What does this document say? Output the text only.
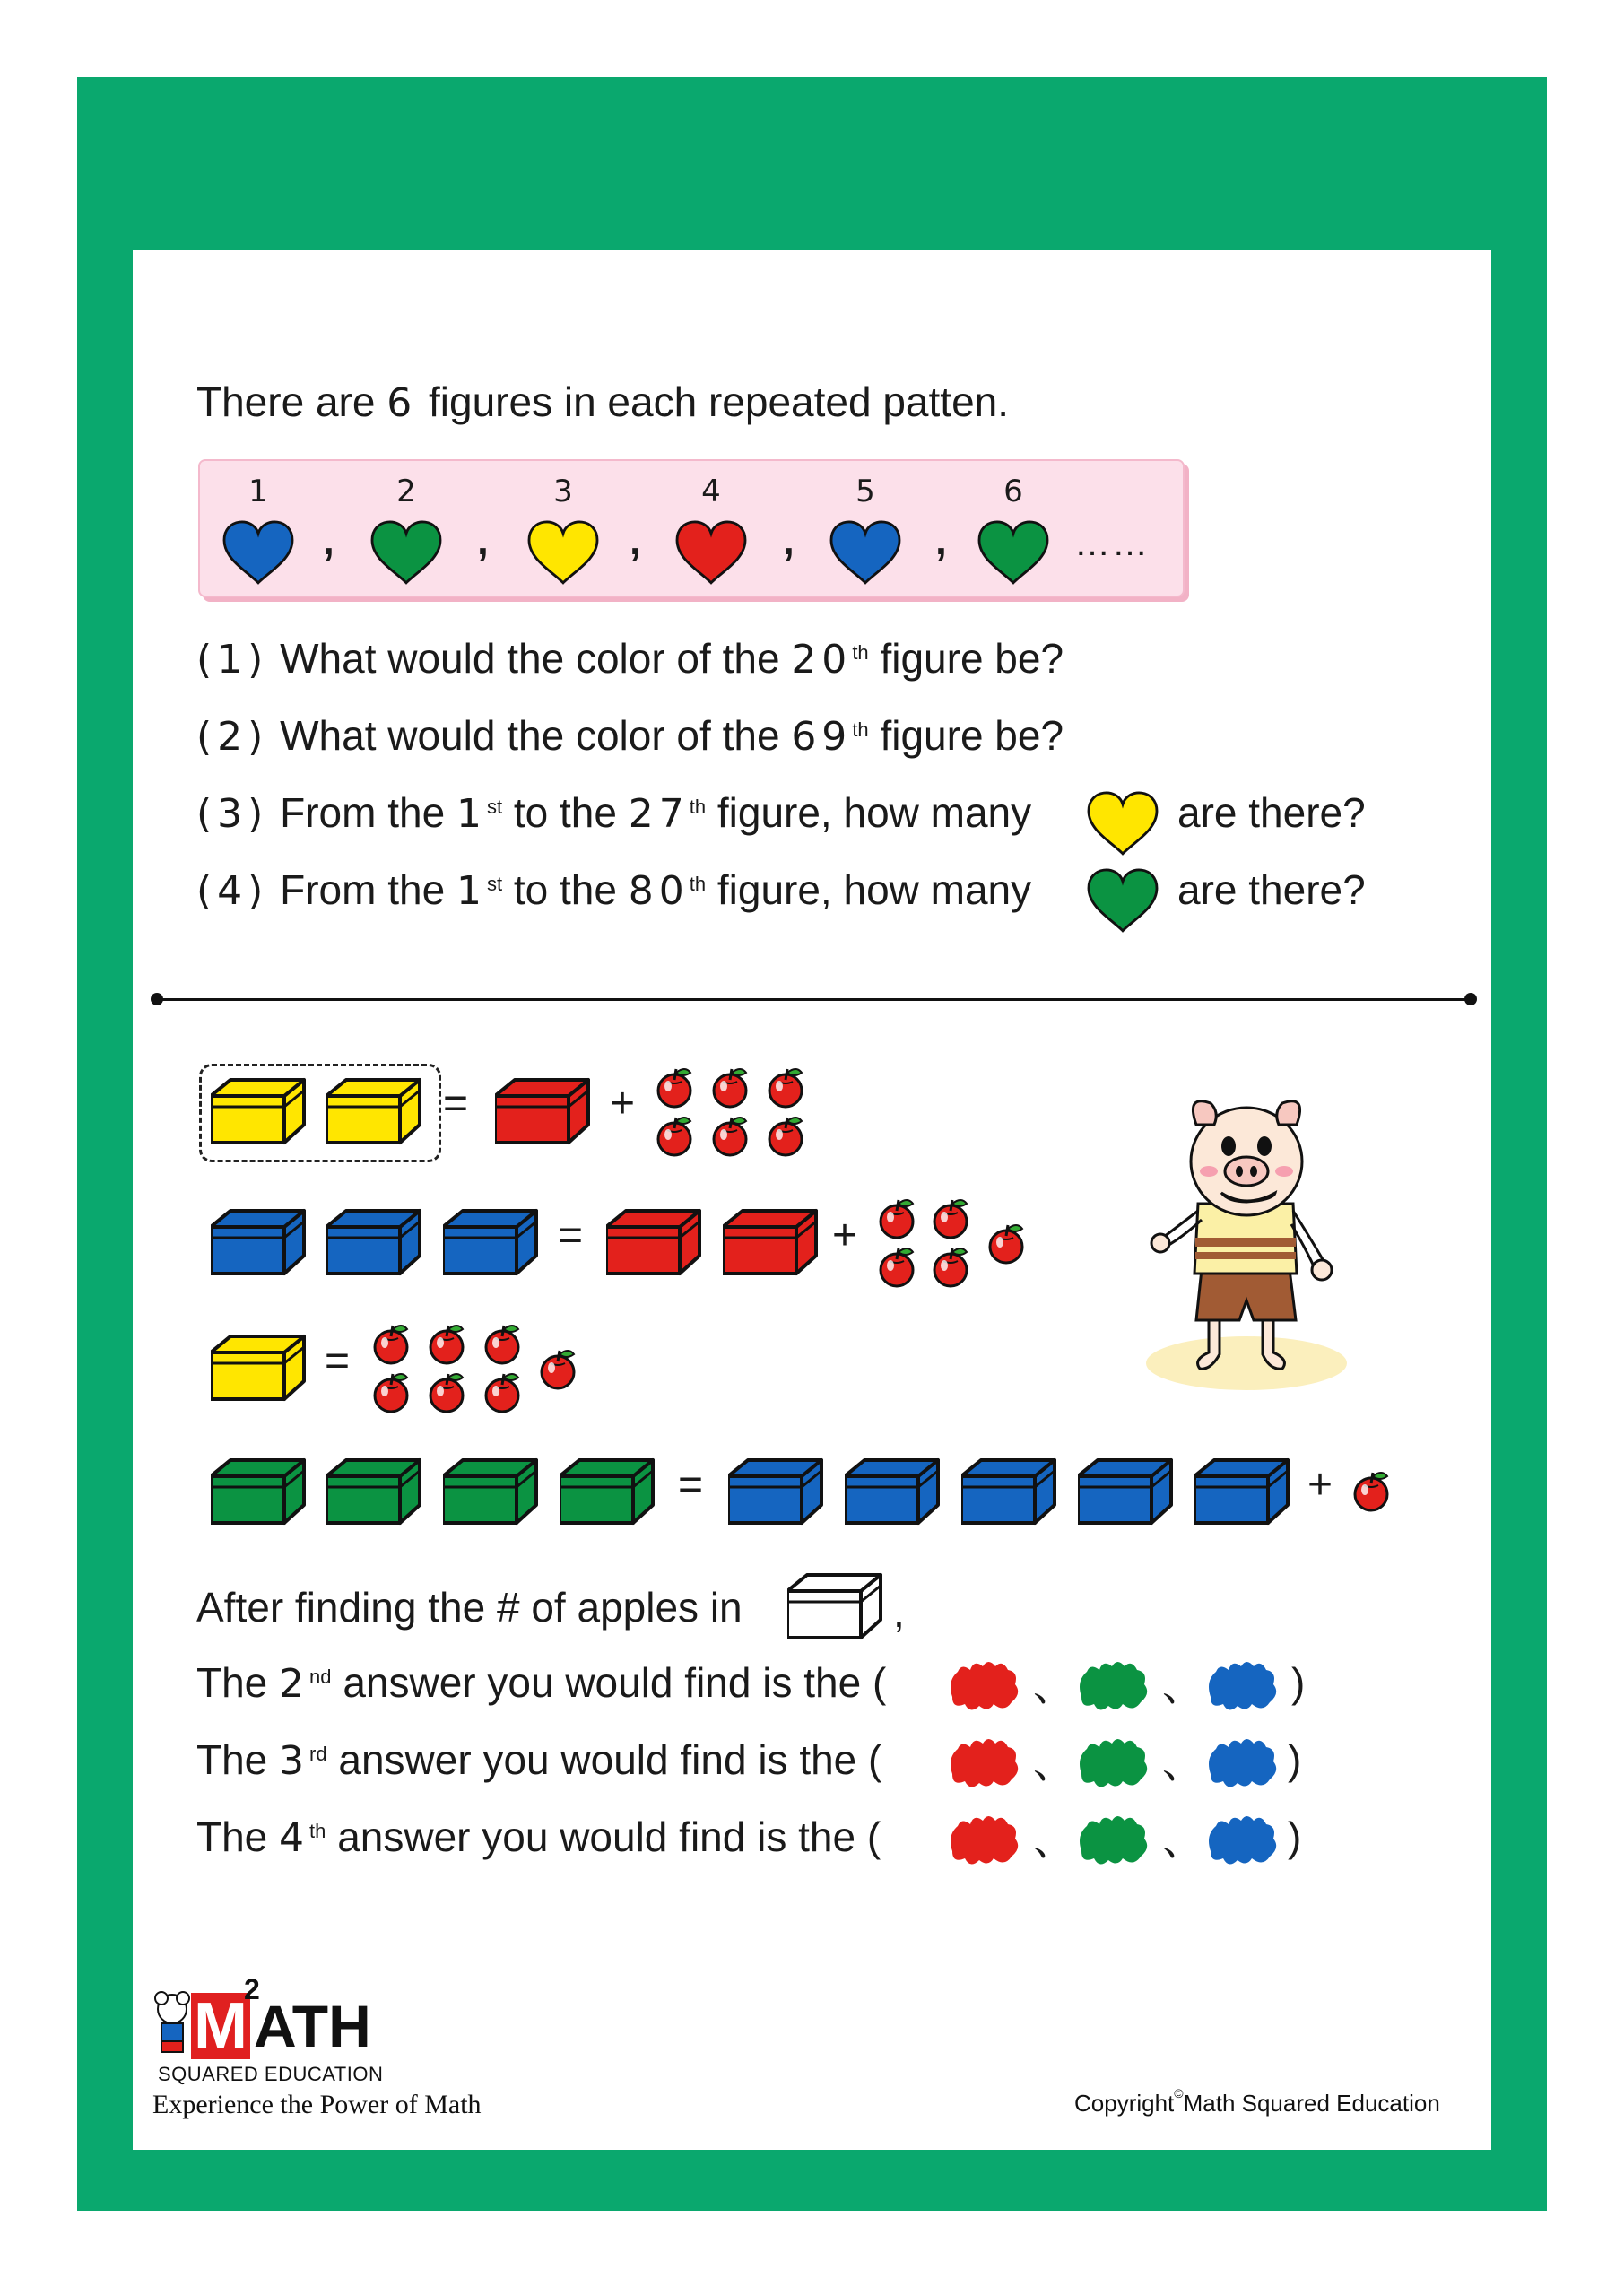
There are 6 figures in each repeated patten.
1	2	3	4	5	6
,	,	,	,	,	……
(1) What would the color of the 20th figure be?
(2) What would the color of the 69th figure be?
(3) From the 1st to the 27th figure, how many	are there?
(4) From the 1st to the 80th figure, how many	are there?
=	+
=	+
=
=	+
After finding the # of apples in	,
The 2nd answer you would find is the (
The 3rd answer you would find is the (
The 4th answer you would find is the (
、 、 )
、 、 )
、 、 )
M
2
ATH
SQUARED EDUCATION
Experience the Power of Math	Copyright©Math Squared Education
